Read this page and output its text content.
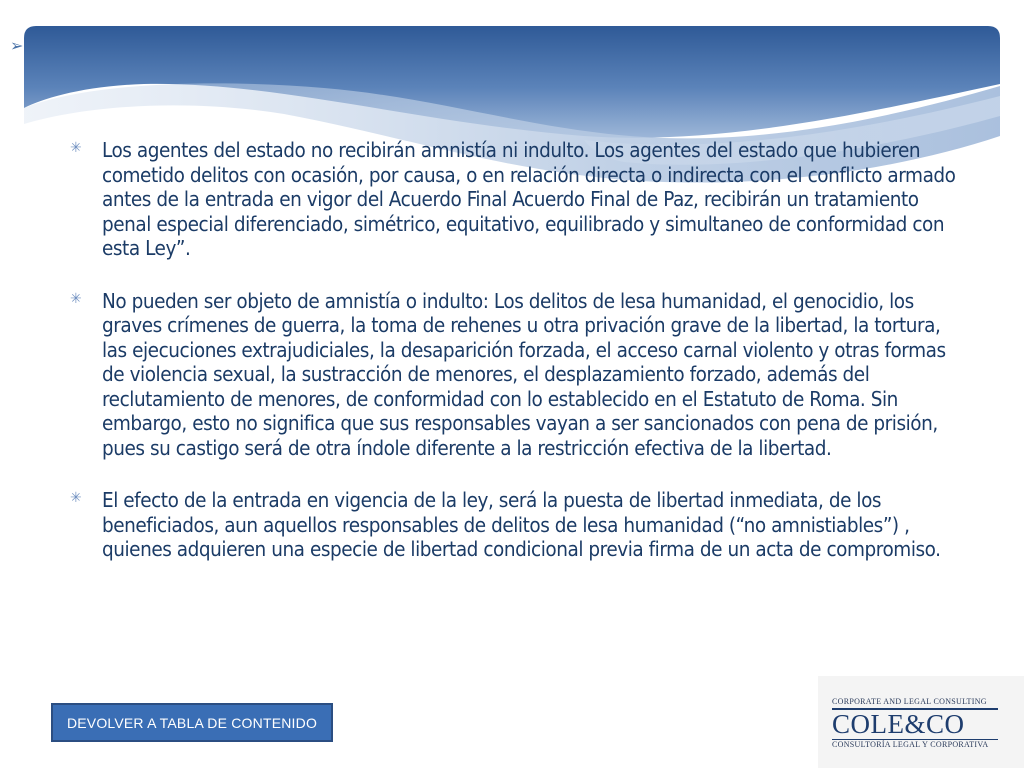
➢
✳ Los agentes del estado no recibirán amnistía ni indulto. Los agentes del estado que hubieren cometido delitos con ocasión, por causa, o en relación directa o indirecta con el conflicto armado antes de la entrada en vigor del Acuerdo Final Acuerdo Final de Paz, recibirán un tratamiento penal especial diferenciado, simétrico, equitativo, equilibrado y simultaneo de conformidad con esta Ley”.

✳ No pueden ser objeto de amnistía o indulto: Los delitos de lesa humanidad, el genocidio, los graves crímenes de guerra, la toma de rehenes u otra privación grave de la libertad, la tortura, las ejecuciones extrajudiciales, la desaparición forzada, el acceso carnal violento y otras formas de violencia sexual, la sustracción de menores, el desplazamiento forzado, además del reclutamiento de menores, de conformidad con lo establecido en el Estatuto de Roma. Sin embargo, esto no significa que sus responsables vayan a ser sancionados con pena de prisión, pues su castigo será de otra índole diferente a la restricción efectiva de la libertad.

✳ El efecto de la entrada en vigencia de la ley, será la puesta de libertad inmediata, de los beneficiados, aun aquellos responsables de delitos de lesa humanidad (“no amnistiables”) , quienes adquieren una especie de libertad condicional previa firma de un acta de compromiso.

DEVOLVER A TABLA DE CONTENIDO
CORPORATE AND LEGAL CONSULTING
COLE&CO
CONSULTORÍA LEGAL Y CORPORATIVA
